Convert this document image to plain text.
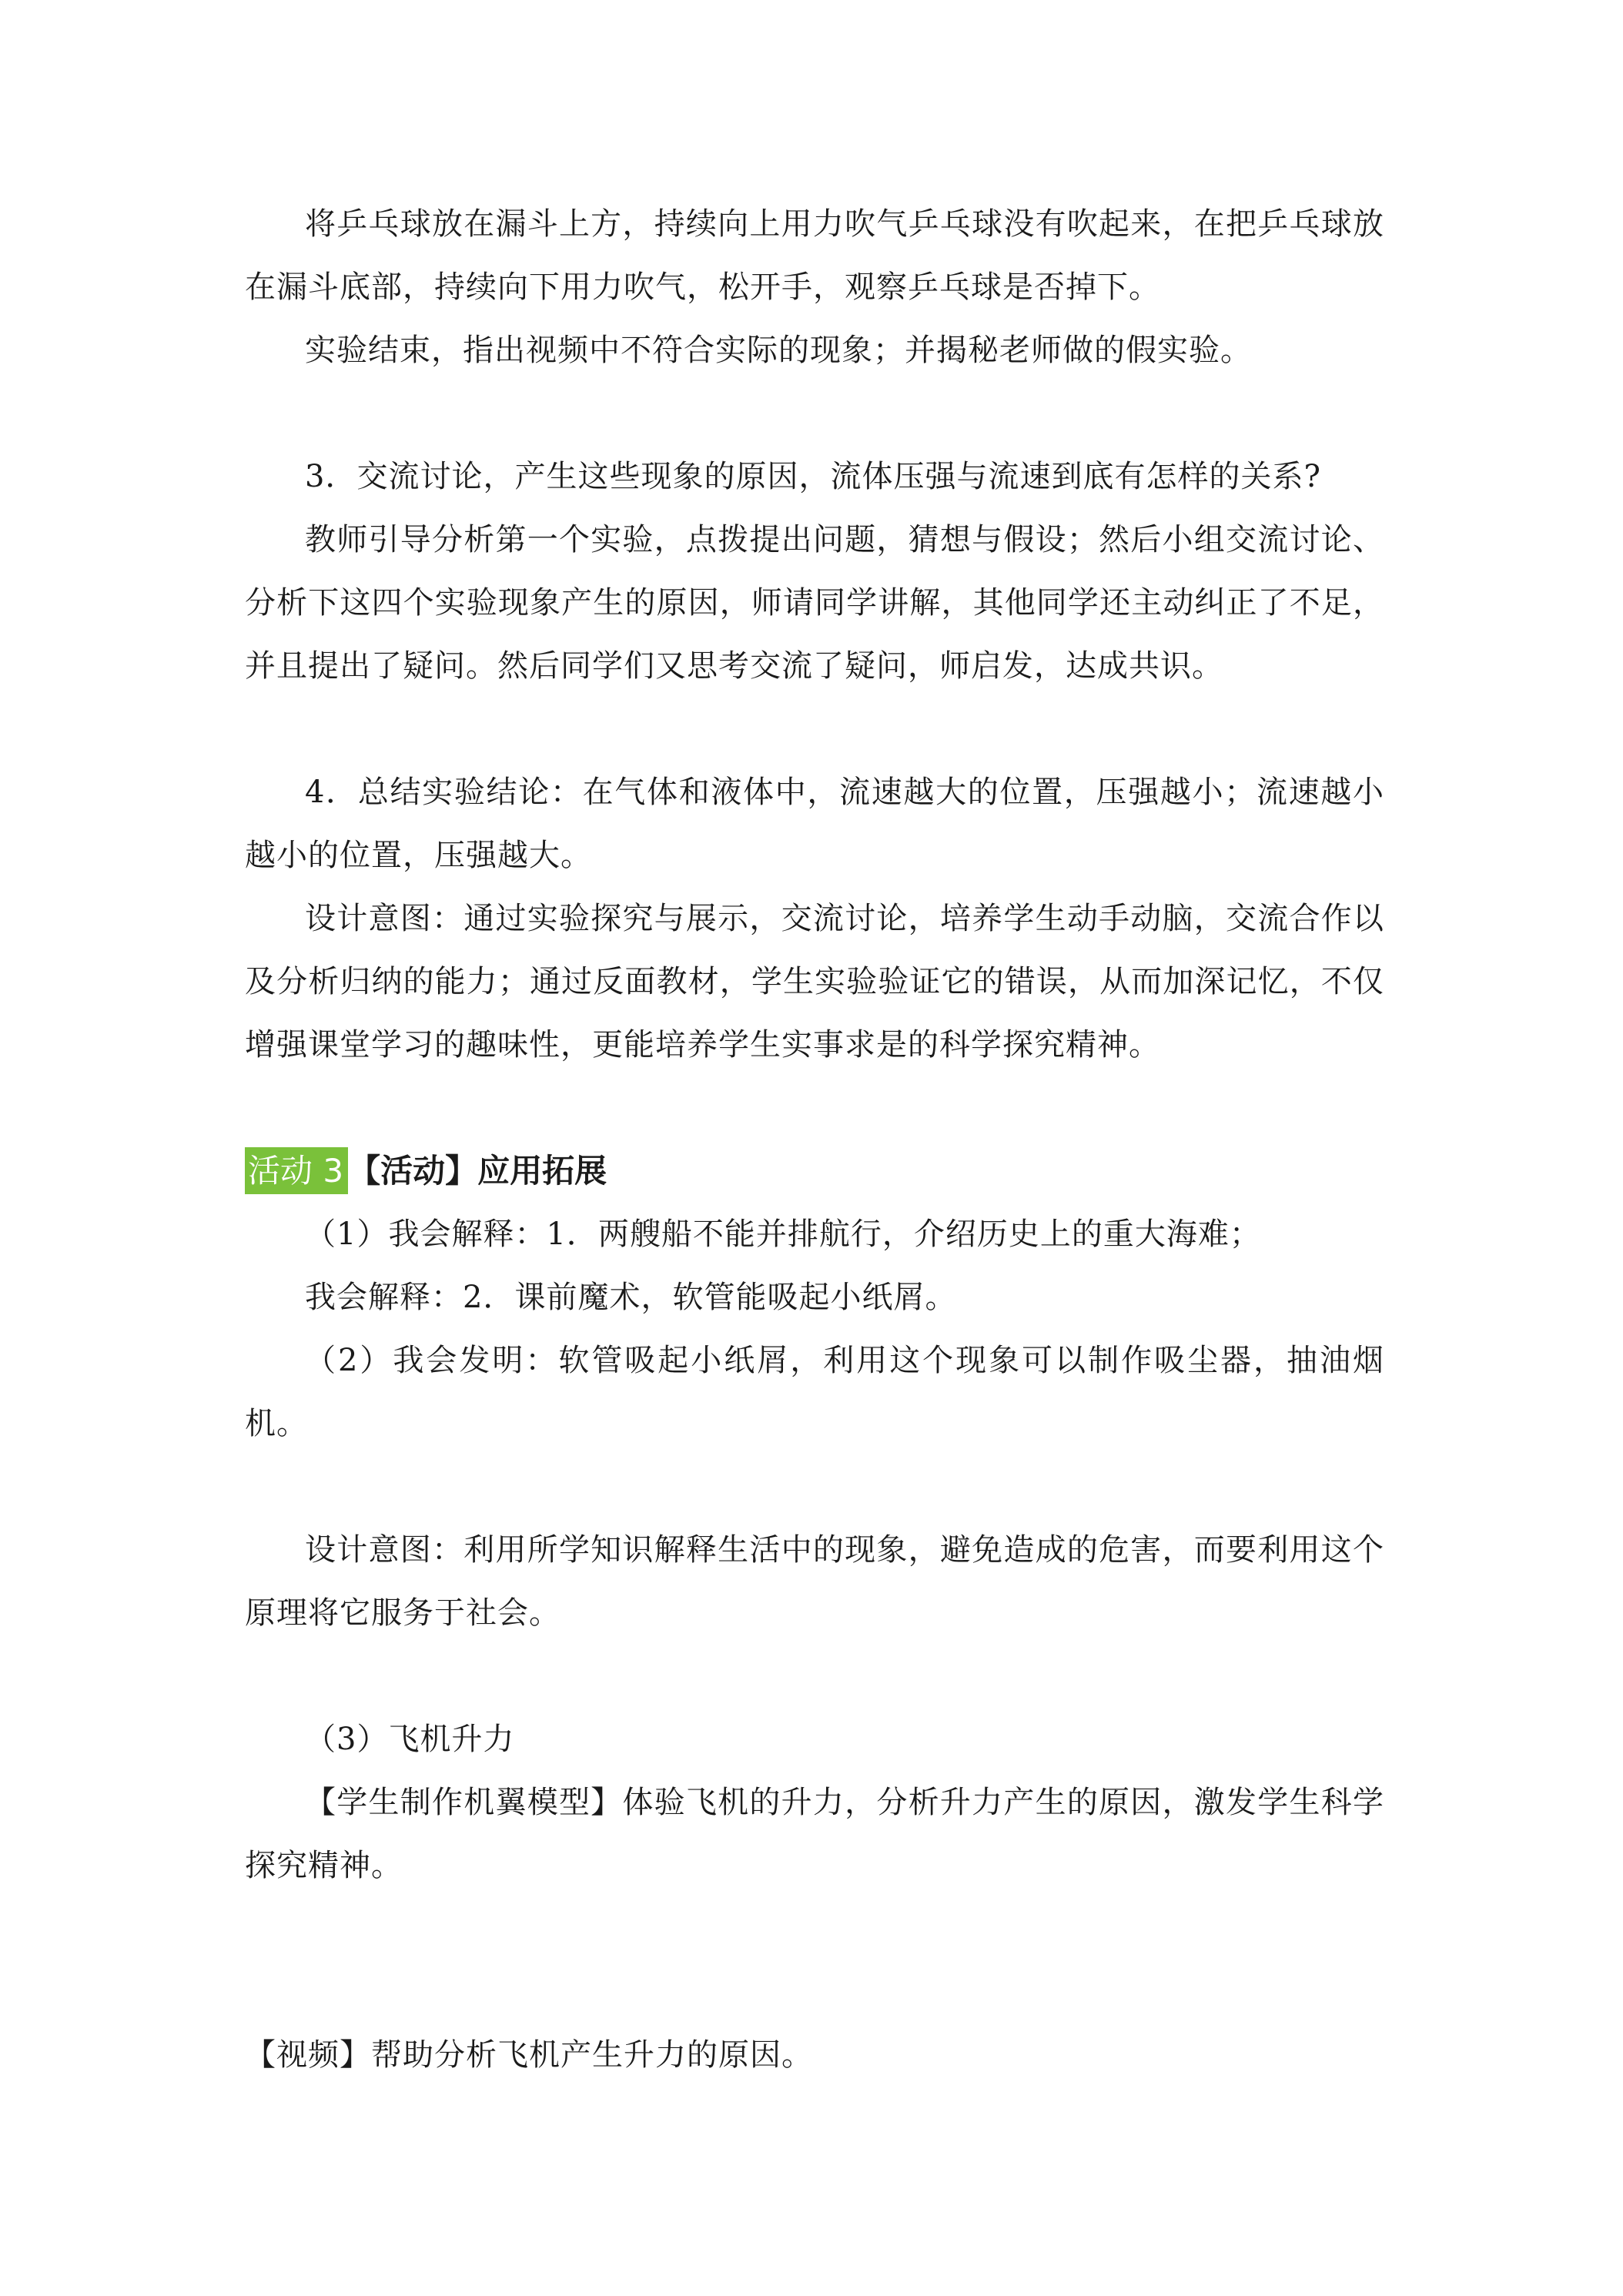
将乒乓球放在漏斗上方，持续向上用力吹气乒乓球没有吹起来，在把乒乓球放在漏斗底部，持续向下用力吹气，松开手，观察乒乓球是否掉下。

实验结束，指出视频中不符合实际的现象；并揭秘老师做的假实验。

3．交流讨论，产生这些现象的原因，流体压强与流速到底有怎样的关系?

教师引导分析第一个实验，点拨提出问题，猜想与假设；然后小组交流讨论、分析下这四个实验现象产生的原因，师请同学讲解，其他同学还主动纠正了不足，并且提出了疑问。然后同学们又思考交流了疑问，师启发，达成共识。

4．总结实验结论：在气体和液体中，流速越大的位置，压强越小；流速越小越小的位置，压强越大。

设计意图：通过实验探究与展示，交流讨论，培养学生动手动脑，交流合作以及分析归纳的能力；通过反面教材，学生实验验证它的错误，从而加深记忆，不仅增强课堂学习的趣味性，更能培养学生实事求是的科学探究精神。

活动 3 【活动】应用拓展

（1）我会解释：1．两艘船不能并排航行，介绍历史上的重大海难；

我会解释：2．课前魔术，软管能吸起小纸屑。

（2）我会发明：软管吸起小纸屑，利用这个现象可以制作吸尘器，抽油烟机。

设计意图：利用所学知识解释生活中的现象，避免造成的危害，而要利用这个原理将它服务于社会。

（3）飞机升力

【学生制作机翼模型】体验飞机的升力，分析升力产生的原因，激发学生科学探究精神。

【视频】帮助分析飞机产生升力的原因。
